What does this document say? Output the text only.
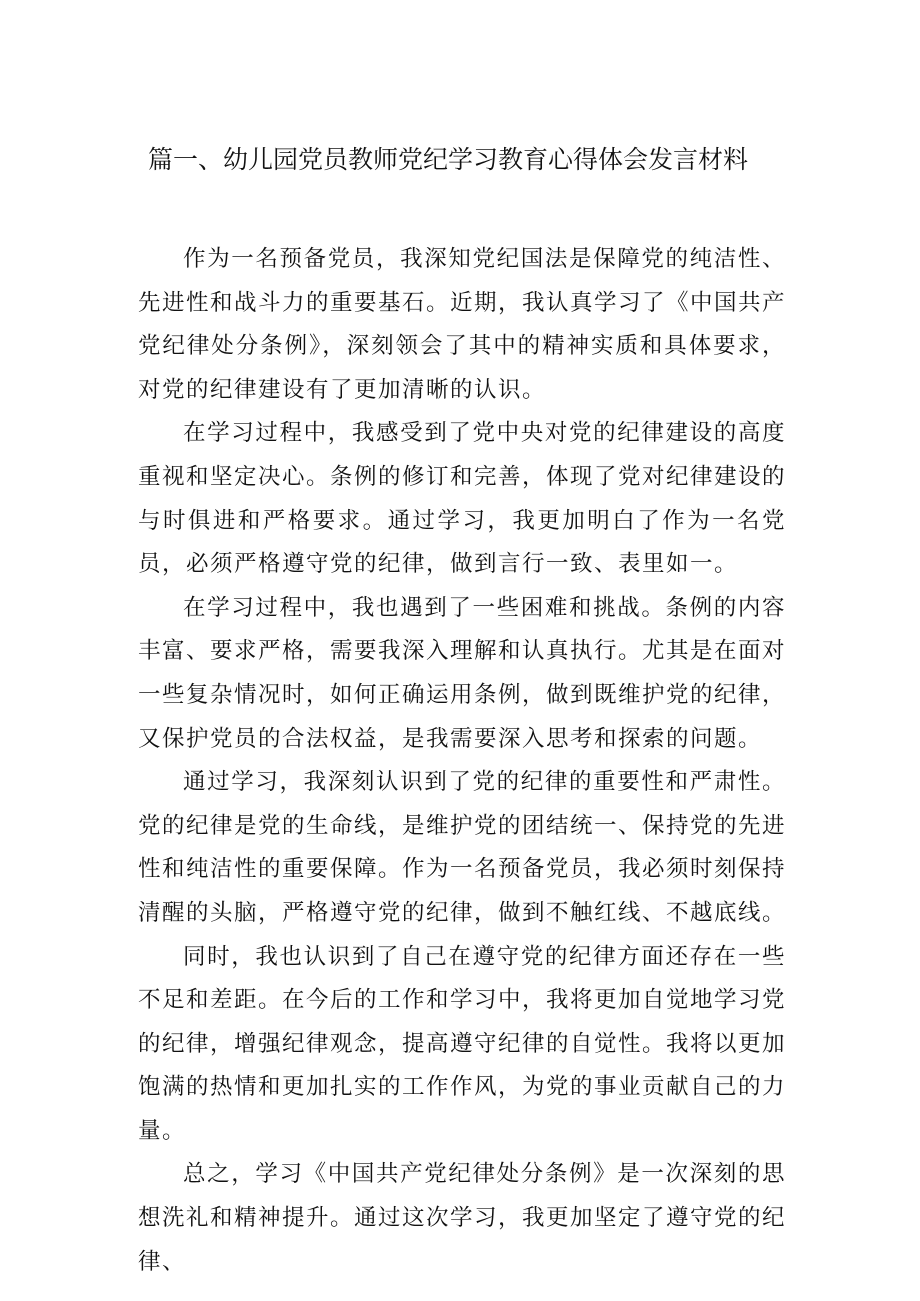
篇一、幼儿园党员教师党纪学习教育心得体会发言材料

作为一名预备党员，我深知党纪国法是保障党的纯洁性、先进性和战斗力的重要基石。近期，我认真学习了《中国共产党纪律处分条例》，深刻领会了其中的精神实质和具体要求，对党的纪律建设有了更加清晰的认识。

在学习过程中，我感受到了党中央对党的纪律建设的高度重视和坚定决心。条例的修订和完善，体现了党对纪律建设的与时俱进和严格要求。通过学习，我更加明白了作为一名党员，必须严格遵守党的纪律，做到言行一致、表里如一。

在学习过程中，我也遇到了一些困难和挑战。条例的内容丰富、要求严格，需要我深入理解和认真执行。尤其是在面对一些复杂情况时，如何正确运用条例，做到既维护党的纪律，又保护党员的合法权益，是我需要深入思考和探索的问题。

通过学习，我深刻认识到了党的纪律的重要性和严肃性。党的纪律是党的生命线，是维护党的团结统一、保持党的先进性和纯洁性的重要保障。作为一名预备党员，我必须时刻保持清醒的头脑，严格遵守党的纪律，做到不触红线、不越底线。

同时，我也认识到了自己在遵守党的纪律方面还存在一些不足和差距。在今后的工作和学习中，我将更加自觉地学习党的纪律，增强纪律观念，提高遵守纪律的自觉性。我将以更加饱满的热情和更加扎实的工作作风，为党的事业贡献自己的力量。

总之，学习《中国共产党纪律处分条例》是一次深刻的思想洗礼和精神提升。通过这次学习，我更加坚定了遵守党的纪律、
